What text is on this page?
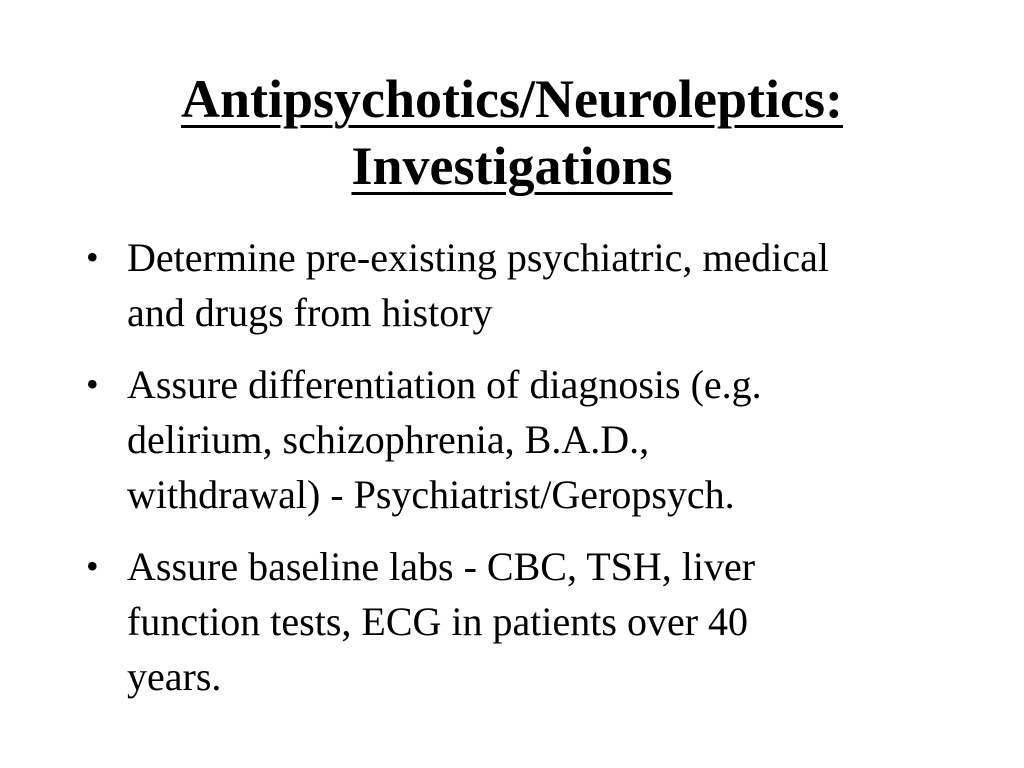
Antipsychotics/Neuroleptics:
Investigations
• Determine pre-existing psychiatric, medical
and drugs from history
• Assure differentiation of diagnosis (e.g.
delirium, schizophrenia, B.A.D.,
withdrawal) - Psychiatrist/Geropsych.
• Assure baseline labs - CBC, TSH, liver
function tests, ECG in patients over 40
years.
